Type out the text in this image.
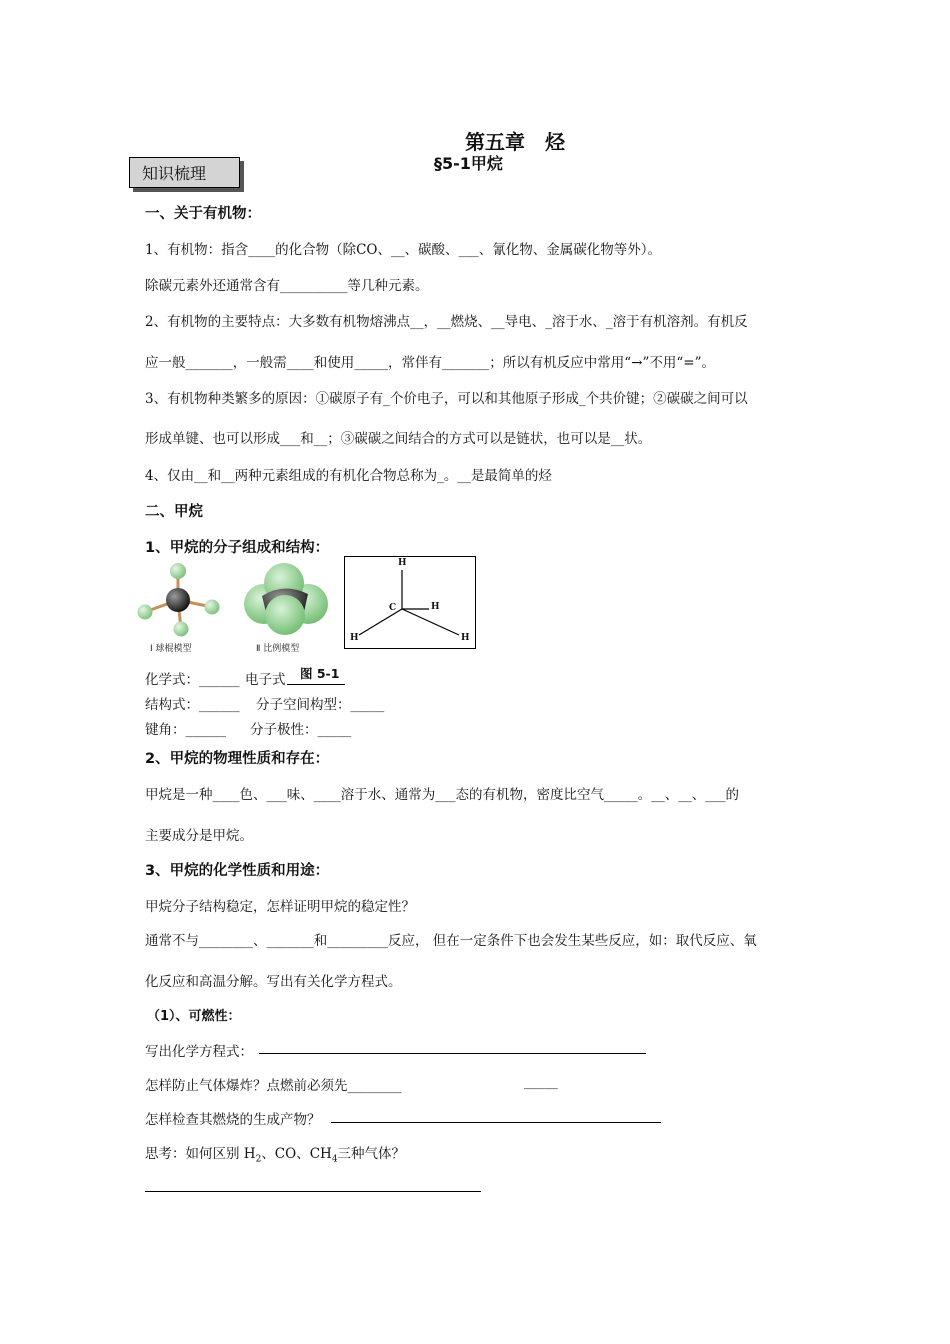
第五章　烃
§5-1甲烷
知识梳理
一、关于有机物：
1、有机物：指含____的化合物（除CO、__、碳酸、___、氰化物、金属碳化物等外）。
除碳元素外还通常含有__________等几种元素。
2、有机物的主要特点：大多数有机物熔沸点__，__燃烧、__导电、_溶于水、_溶于有机溶剂。有机反
应一般_______，一般需____和使用_____，常伴有_______；所以有机反应中常用“→”不用“=”。
3、有机物种类繁多的原因：①碳原子有_个价电子，可以和其他原子形成_个共价键；②碳碳之间可以
形成单键、也可以形成___和__；③碳碳之间结合的方式可以是链状，也可以是__状。
4、仅由__和__两种元素组成的有机化合物总称为_。__是最简单的烃
二、甲烷
1、甲烷的分子组成和结构：
Ⅰ 球棍模型	Ⅱ 比例模型
H
C	H
H	H
化学式：______ 电子式 图 5-1
结构式：______ 分子空间构型：_____
键角：______ 分子极性：_____
2、甲烷的物理性质和存在：
甲烷是一种____色、___味、____溶于水、通常为___态的有机物，密度比空气_____。__、__、___的
主要成分是甲烷。
3、甲烷的化学性质和用途：
甲烷分子结构稳定，怎样证明甲烷的稳定性？
通常不与________、_______和_________反应， 但在一定条件下也会发生某些反应，如：取代反应、氧
化反应和高温分解。写出有关化学方程式。
（1）、可燃性：
写出化学方程式：
怎样防止气体爆炸？点燃前必须先________	_____
怎样检查其燃烧的生成产物？
思考：如何区别 $H_2$、CO、$CH_4$三种气体？
